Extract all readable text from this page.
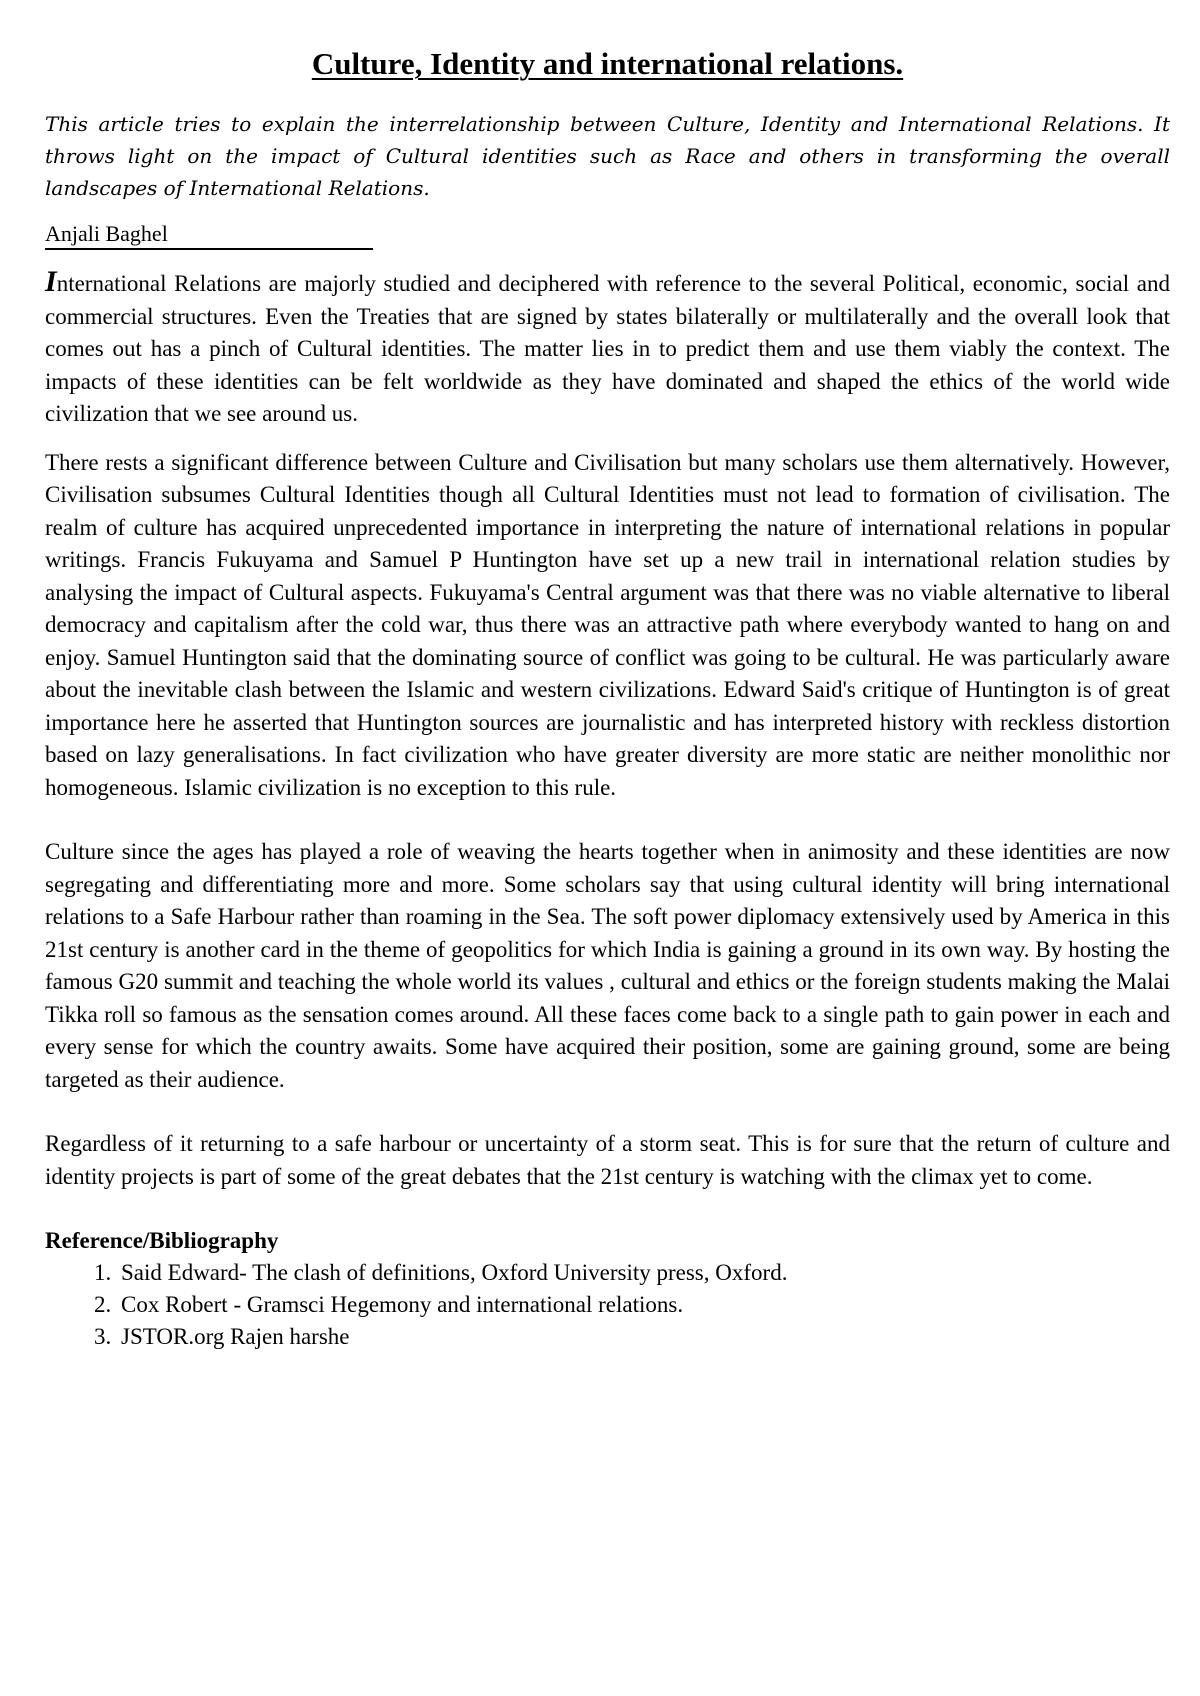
Culture, Identity and international relations.

This article tries to explain the interrelationship between Culture, Identity and International Relations. It throws light on the impact of Cultural identities such as Race and others in transforming the overall landscapes of International Relations.

Anjali Baghel

International Relations are majorly studied and deciphered with reference to the several Political, economic, social and commercial structures. Even the Treaties that are signed by states bilaterally or multilaterally and the overall look that comes out has a pinch of Cultural identities. The matter lies in to predict them and use them viably the context. The impacts of these identities can be felt worldwide as they have dominated and shaped the ethics of the world wide civilization that we see around us.

There rests a significant difference between Culture and Civilisation but many scholars use them alternatively. However, Civilisation subsumes Cultural Identities though all Cultural Identities must not lead to formation of civilisation. The realm of culture has acquired unprecedented importance in interpreting the nature of international relations in popular writings. Francis Fukuyama and Samuel P Huntington have set up a new trail in international relation studies by analysing the impact of Cultural aspects. Fukuyama's Central argument was that there was no viable alternative to liberal democracy and capitalism after the cold war, thus there was an attractive path where everybody wanted to hang on and enjoy. Samuel Huntington said that the dominating source of conflict was going to be cultural. He was particularly aware about the inevitable clash between the Islamic and western civilizations. Edward Said's critique of Huntington is of great importance here he asserted that Huntington sources are journalistic and has interpreted history with reckless distortion based on lazy generalisations. In fact civilization who have greater diversity are more static are neither monolithic nor homogeneous. Islamic civilization is no exception to this rule.

Culture since the ages has played a role of weaving the hearts together when in animosity and these identities are now segregating and differentiating more and more. Some scholars say that using cultural identity will bring international relations to a Safe Harbour rather than roaming in the Sea. The soft power diplomacy extensively used by America in this 21st century is another card in the theme of geopolitics for which India is gaining a ground in its own way. By hosting the famous G20 summit and teaching the whole world its values , cultural and ethics or the foreign students making the Malai Tikka roll so famous as the sensation comes around. All these faces come back to a single path to gain power in each and every sense for which the country awaits. Some have acquired their position, some are gaining ground, some are being targeted as their audience.

Regardless of it returning to a safe harbour or uncertainty of a storm seat. This is for sure that the return of culture and identity projects is part of some of the great debates that the 21st century is watching with the climax yet to come.

Reference/Bibliography

1. Said Edward- The clash of definitions, Oxford University press, Oxford.
2. Cox Robert - Gramsci Hegemony and international relations.
3. JSTOR.org Rajen harshe
